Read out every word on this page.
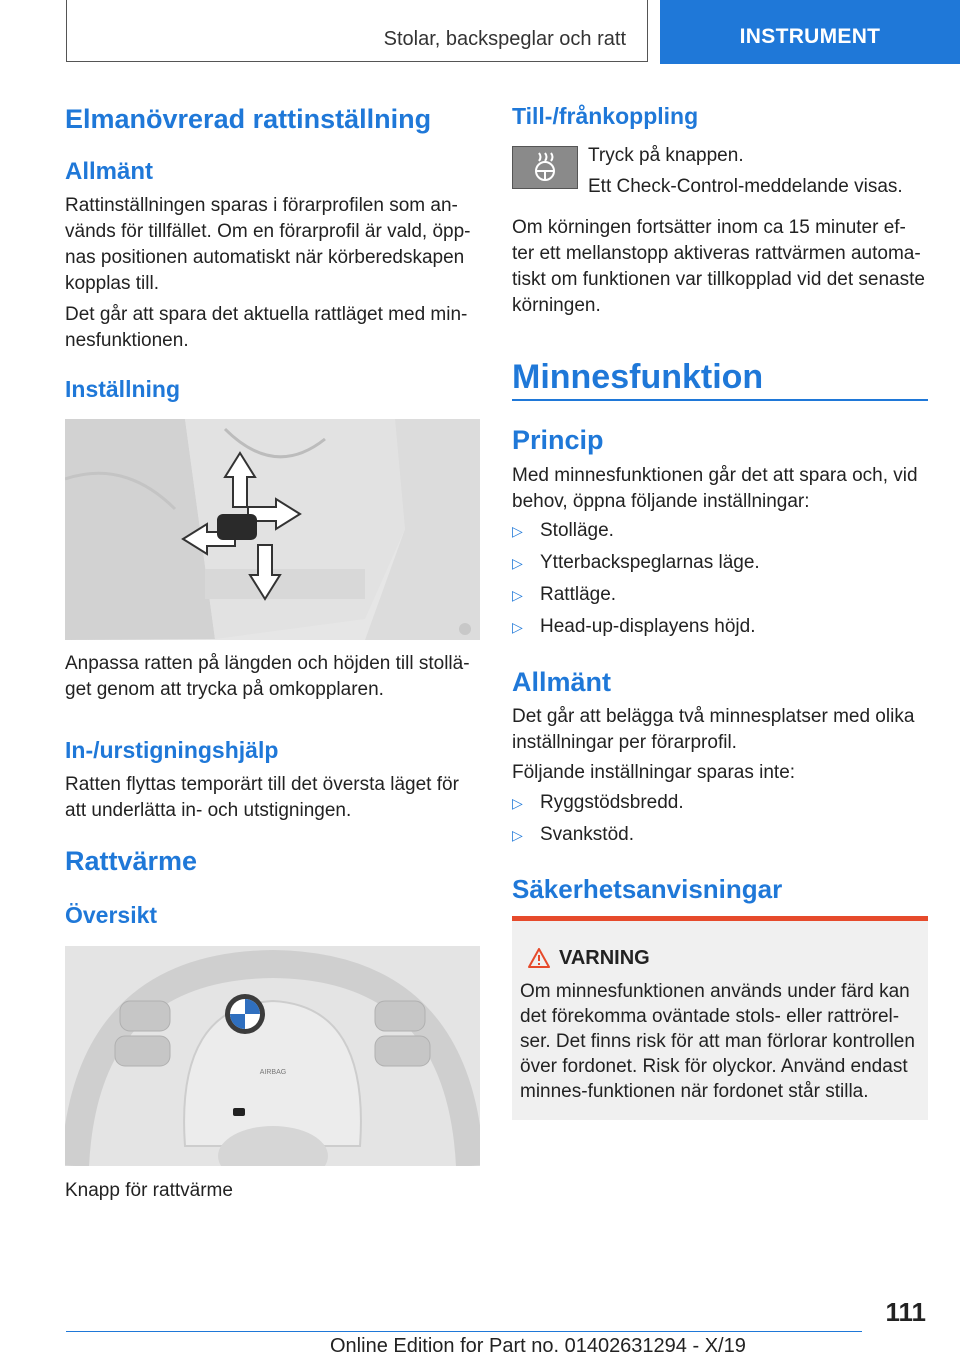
Stolar, backspeglar och ratt	INSTRUMENT
Elmanövrerad rattinställning
Allmänt
Rattinställningen sparas i förarprofilen som an-vänds för tillfället. Om en förarprofil är vald, öpp-nas positionen automatiskt när körberedskapen kopplas till.
Det går att spara det aktuella rattläget med min-nesfunktionen.
Inställning
Anpassa ratten på längden och höjden till stollä-get genom att trycka på omkopplaren.
In-/urstigningshjälp
Ratten flyttas temporärt till det översta läget för att underlätta in- och utstigningen.
Rattvärme
Översikt
AIRBAG
Knapp för rattvärme
Till-/frånkoppling
Tryck på knappen.
Ett Check-Control-meddelande visas.
Om körningen fortsätter inom ca 15 minuter ef-ter ett mellanstopp aktiveras rattvärmen automa-tiskt om funktionen var tillkopplad vid det senaste körningen.
Minnesfunktion
Princip
Med minnesfunktionen går det att spara och, vid behov, öppna följande inställningar:
▷ Stolläge.
▷ Ytterbackspeglarnas läge.
▷ Rattläge.
▷ Head-up-displayens höjd.
Allmänt
Det går att belägga två minnesplatser med olika inställningar per förarprofil.
Följande inställningar sparas inte:
▷ Ryggstödsbredd.
▷ Svankstöd.
Säkerhetsanvisningar
VARNING
Om minnesfunktionen används under färd kan det förekomma oväntade stols- eller rattrörel-ser. Det finns risk för att man förlorar kontrollen över fordonet. Risk för olyckor. Använd endast minnes-funktionen när fordonet står stilla.
111
Online Edition for Part no. 01402631294 - X/19
